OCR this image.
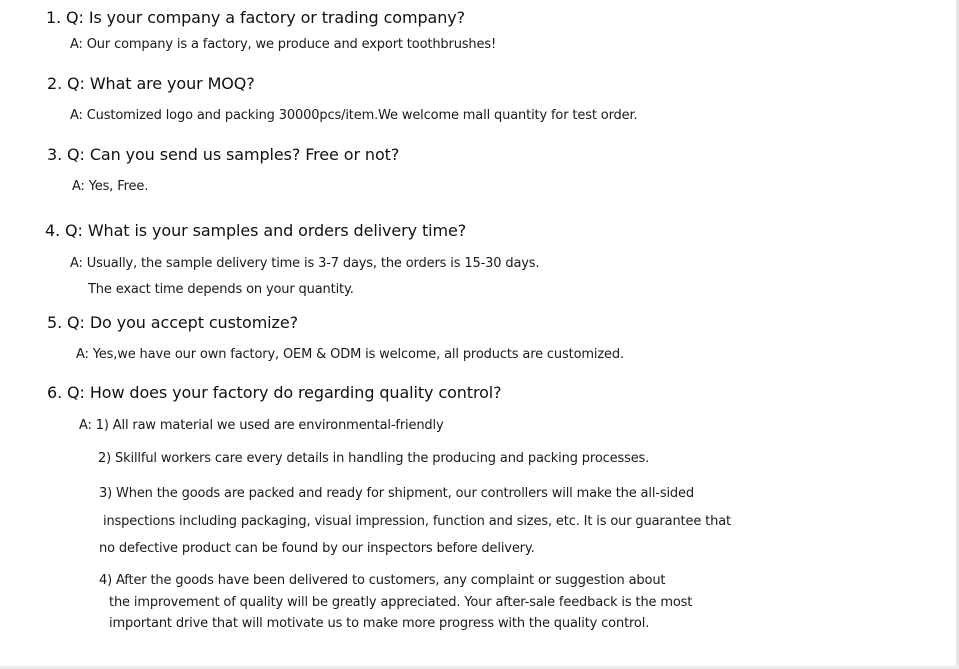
1. Q: Is your company a factory or trading company?

A: Our company is a factory, we produce and export toothbrushes!

2. Q: What are your MOQ?

A: Customized logo and packing 30000pcs/item.We welcome mall quantity for test order.

3. Q: Can you send us samples? Free or not?

A: Yes, Free.

4. Q: What is your samples and orders delivery time?

A: Usually, the sample delivery time is 3-7 days, the orders is 15-30 days.

The exact time depends on your quantity.

5. Q: Do you accept customize?

A: Yes,we have our own factory, OEM & ODM is welcome, all products are customized.

6. Q: How does your factory do regarding quality control?

A: 1) All raw material we used are environmental-friendly

2) Skillful workers care every details in handling the producing and packing processes.

3) When the goods are packed and ready for shipment, our controllers will make the all-sided

inspections including packaging, visual impression, function and sizes, etc. It is our guarantee that

no defective product can be found by our inspectors before delivery.

4) After the goods have been delivered to customers, any complaint or suggestion about

the improvement of quality will be greatly appreciated. Your after-sale feedback is the most

important drive that will motivate us to make more progress with the quality control.
